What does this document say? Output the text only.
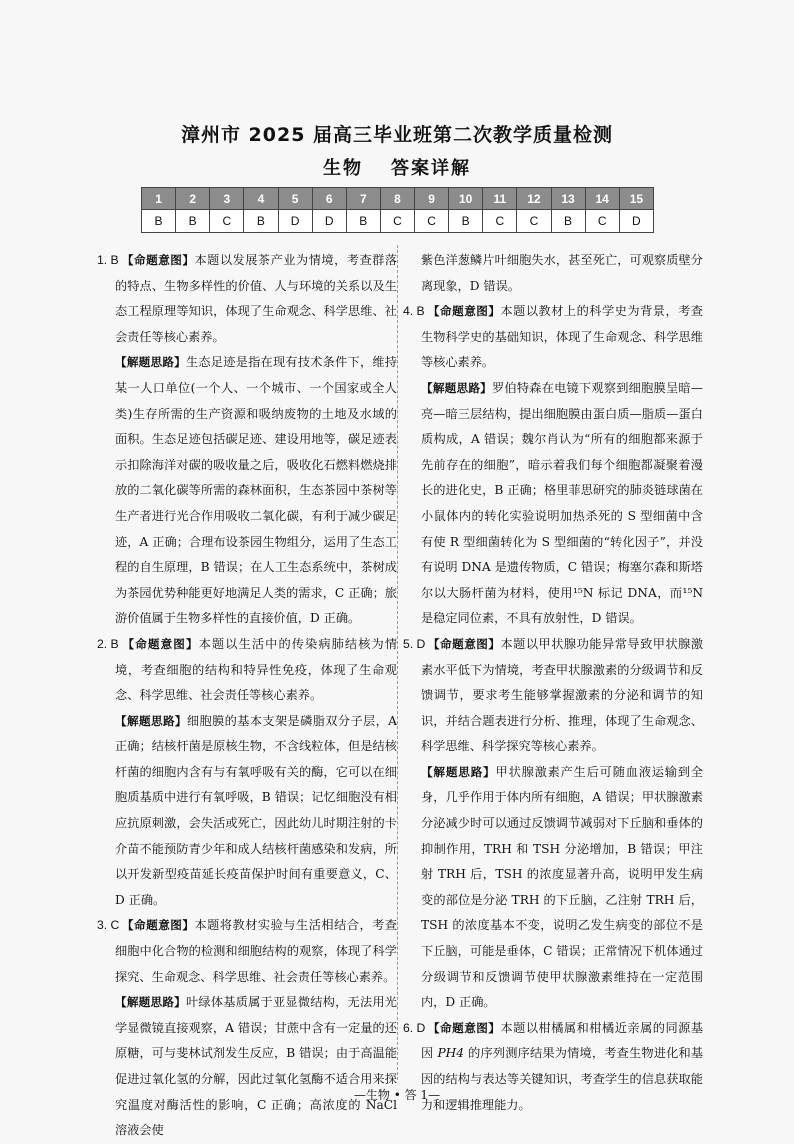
漳州市 2025 届高三毕业班第二次教学质量检测
生物 答案详解
1	2	3	4	5	6	7	8	9	10	11	12	13	14	15
B	B	C	B	D	D	B	C	C	B	C	C	B	C	D
1. B

　 【命题意图】本题以发展茶产业为情境，考查群落的特点、生物多样性的价值、人与环境的关系以及生态工程原理等知识，体现了生命观念、科学思维、社会责任等核心素养。

【解题思路】生态足迹是指在现有技术条件下，维持某一人口单位(一个人、一个城市、一个国家或全人类)生存所需的生产资源和吸纳废物的土地及水域的面积。生态足迹包括碳足迹、建设用地等，碳足迹表示扣除海洋对碳的吸收量之后，吸收化石燃料燃烧排放的二氧化碳等所需的森林面积，生态茶园中茶树等生产者进行光合作用吸收二氧化碳，有利于减少碳足迹，A 正确；合理布设茶园生物组分，运用了生态工程的自生原理，B 错误；在人工生态系统中，茶树成为茶园优势种能更好地满足人类的需求，C 正确；旅游价值属于生物多样性的直接价值，D 正确。

2. B

　 【命题意图】本题以生活中的传染病肺结核为情境，考查细胞的结构和特异性免疫，体现了生命观念、科学思维、社会责任等核心素养。

【解题思路】细胞膜的基本支架是磷脂双分子层，A 正确；结核杆菌是原核生物，不含线粒体，但是结核杆菌的细胞内含有与有氧呼吸有关的酶，它可以在细胞质基质中进行有氧呼吸，B 错误；记忆细胞没有相应抗原刺激，会失活或死亡，因此幼儿时期注射的卡介苗不能预防青少年和成人结核杆菌感染和发病，所以开发新型疫苗延长疫苗保护时间有重要意义，C、D 正确。

3. C

　 【命题意图】本题将教材实验与生活相结合，考查细胞中化合物的检测和细胞结构的观察，体现了科学探究、生命观念、科学思维、社会责任等核心素养。

【解题思路】叶绿体基质属于亚显微结构，无法用光学显微镜直接观察，A 错误；甘蔗中含有一定量的还原糖，可与斐林试剂发生反应，B 错误；由于高温能促进过氧化氢的分解，因此过氧化氢酶不适合用来探究温度对酶活性的影响，C 正确；高浓度的 NaCl 溶液会使

紫色洋葱鳞片叶细胞失水，甚至死亡，可观察质壁分离现象，D 错误。

4. B

　 【命题意图】本题以教材上的科学史为背景，考查生物科学史的基础知识，体现了生命观念、科学思维等核心素养。

【解题思路】罗伯特森在电镜下观察到细胞膜呈暗—亮—暗三层结构，提出细胞膜由蛋白质—脂质—蛋白质构成，A 错误；魏尔肖认为“所有的细胞都来源于先前存在的细胞”，暗示着我们每个细胞都凝聚着漫长的进化史，B 正确；格里菲思研究的肺炎链球菌在小鼠体内的转化实验说明加热杀死的 S 型细菌中含有使 R 型细菌转化为 S 型细菌的“转化因子”，并没有说明 DNA 是遗传物质，C 错误；梅塞尔森和斯塔尔以大肠杆菌为材料，使用¹⁵N 标记 DNA，而¹⁵N 是稳定同位素，不具有放射性，D 错误。

5. D

　 【命题意图】本题以甲状腺功能异常导致甲状腺激素水平低下为情境，考查甲状腺激素的分级调节和反馈调节，要求考生能够掌握激素的分泌和调节的知识，并结合题表进行分析、推理，体现了生命观念、科学思维、科学探究等核心素养。

【解题思路】甲状腺激素产生后可随血液运输到全身，几乎作用于体内所有细胞，A 错误；甲状腺激素分泌减少时可以通过反馈调节减弱对下丘脑和垂体的抑制作用，TRH 和 TSH 分泌增加，B 错误；甲注射 TRH 后，TSH 的浓度显著升高，说明甲发生病变的部位是分泌 TRH 的下丘脑，乙注射 TRH 后，TSH 的浓度基本不变，说明乙发生病变的部位不是下丘脑，可能是垂体，C 错误；正常情况下机体通过分级调节和反馈调节使甲状腺激素维持在一定范围内，D 正确。

6. D

　 【命题意图】本题以柑橘属和柑橘近亲属的同源基因 PH4 的序列测序结果为情境，考查生物进化和基因的结构与表达等关键知识，考查学生的信息获取能力和逻辑推理能力。

—生物 • 答 1—
